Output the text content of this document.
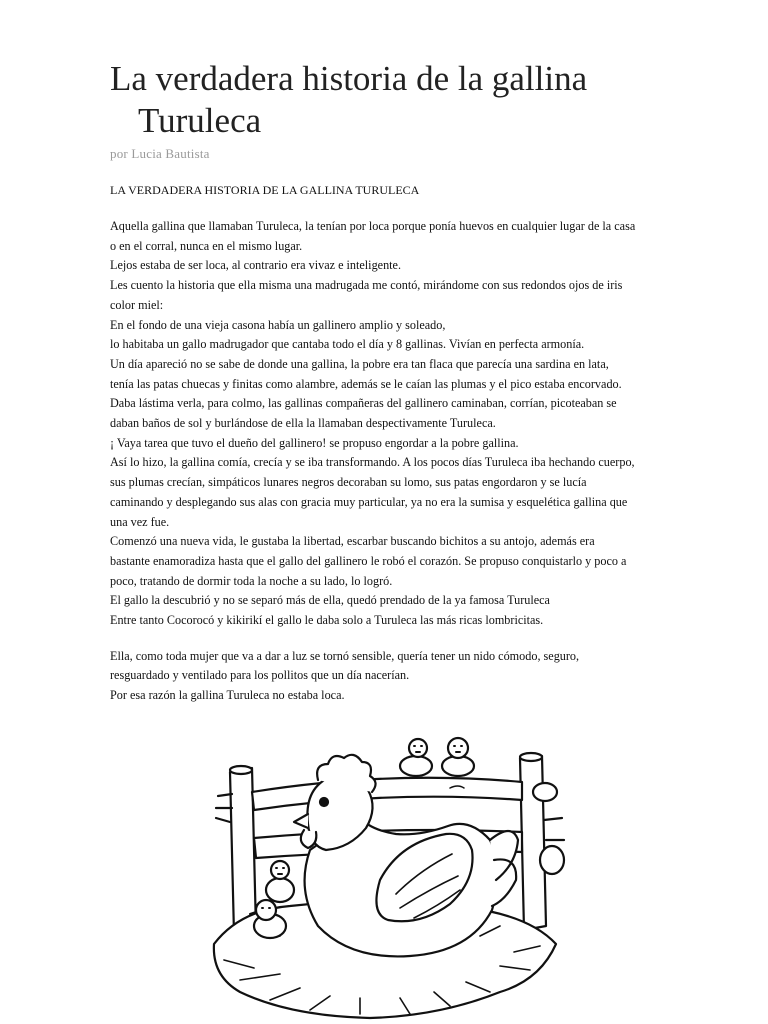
La verdadera historia de la gallina
Turuleca
por Lucia Bautista
LA VERDADERA HISTORIA DE LA GALLINA TURULECA

Aquella gallina que llamaban Turuleca, la tenían por loca porque ponía huevos en cualquier lugar de la casa

o en el corral, nunca en el mismo lugar.

Lejos estaba de ser loca, al contrario era vivaz e inteligente.

Les cuento la historia que ella misma una madrugada me contó, mirándome con sus redondos ojos de iris

color miel:

En el fondo de una vieja casona había un gallinero amplio y soleado,

lo habitaba un gallo madrugador que cantaba todo el día y 8 gallinas. Vivían en perfecta armonía.

Un día apareció no se sabe de donde una gallina, la pobre era tan flaca que parecía una sardina en lata,

tenía las patas chuecas y finitas como alambre, además se le caían las plumas y el pico estaba encorvado.

Daba lástima verla, para colmo, las gallinas compañeras del gallinero caminaban, corrían, picoteaban se

daban baños de sol y burlándose de ella la llamaban despectivamente Turuleca.

¡ Vaya tarea que tuvo el dueño del gallinero! se propuso engordar a la pobre gallina.

Así lo hizo, la gallina comía, crecía y se iba transformando. A los pocos días Turuleca iba hechando cuerpo,

sus plumas crecían, simpáticos lunares negros decoraban su lomo, sus patas engordaron y se lucía

caminando y desplegando sus alas con gracia muy particular, ya no era la sumisa y esquelética gallina que

una vez fue.

Comenzó una nueva vida, le gustaba la libertad, escarbar buscando bichitos a su antojo, además era

bastante enamoradiza hasta que el gallo del gallinero le robó el corazón. Se propuso conquistarlo y poco a

poco, tratando de dormir toda la noche a su lado, lo logró.

El gallo la descubrió y no se separó más de ella, quedó prendado de la ya famosa Turuleca

Entre tanto Cocorocó y kikirikí el gallo le daba solo a Turuleca las más ricas lombricitas.

Ella, como toda mujer que va a dar a luz se tornó sensible, quería tener un nido cómodo, seguro,

resguardado y ventilado para los pollitos que un día nacerían.

Por esa razón la gallina Turuleca no estaba loca.
